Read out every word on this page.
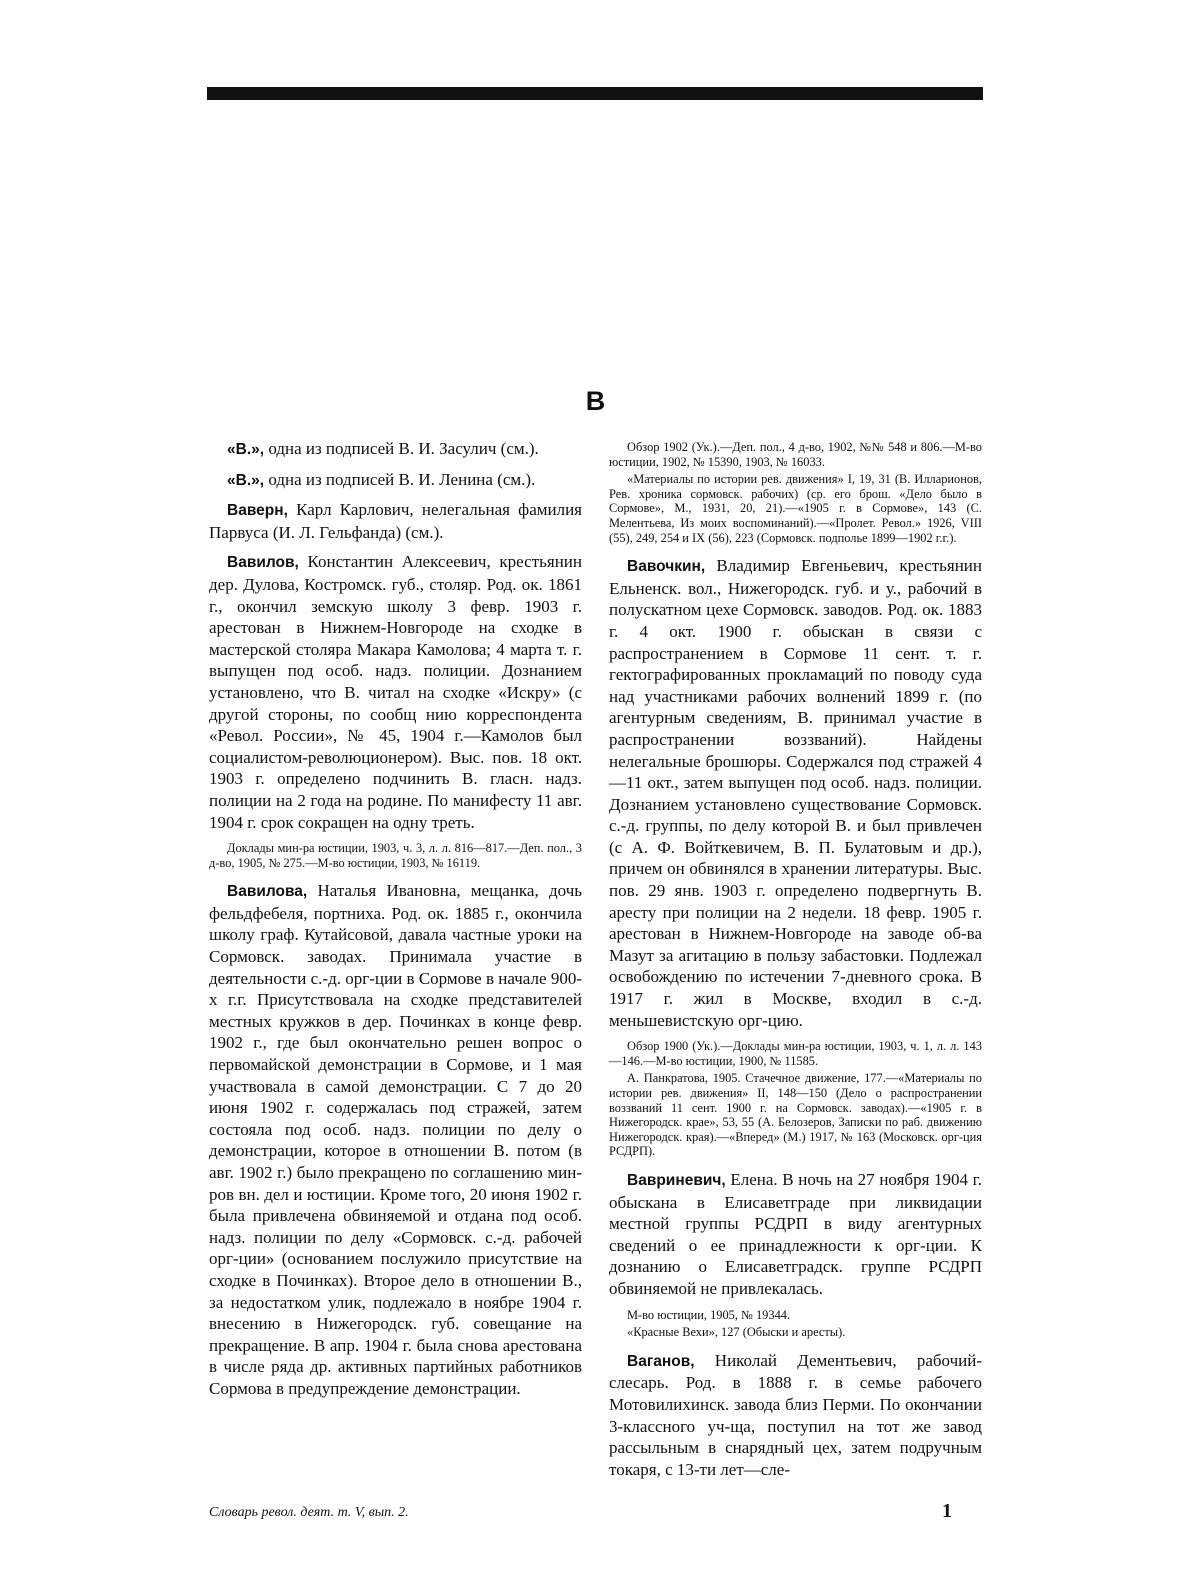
В

«В.», одна из подписей В. И. Засулич (см.).

«В.», одна из подписей В. И. Ленина (см.).

Ваверн, Карл Карлович, нелегальная фамилия Парвуса (И. Л. Гельфанда) (см.).

Вавилов, Константин Алексеевич, крестьянин дер. Дулова, Костромск. губ., столяр. Род. ок. 1861 г., окончил земскую школу 3 февр. 1903 г. арестован в Нижнем-Новгороде на сходке в мастерской столяра Макара Камолова; 4 марта т. г. выпущен под особ. надз. полиции. Дознанием установлено, что В. читал на сходке «Искру» (с другой стороны, по сообщ нию корреспондента «Револ. России», № 45, 1904 г.—Камолов был социалистом-революционером). Выс. пов. 18 окт. 1903 г. определено подчинить В. гласн. надз. полиции на 2 года на родине. По манифесту 11 авг. 1904 г. срок сокращен на одну треть.

Доклады мин-ра юстиции, 1903, ч. 3, л. л. 816—817.—Деп. пол., 3 д-во, 1905, № 275.—М-во юстиции, 1903, № 16119.

Вавилова, Наталья Ивановна, мещанка, дочь фельдфебеля, портниха. Род. ок. 1885 г., окончила школу граф. Кутайсовой, давала частные уроки на Сормовск. заводах. Принимала участие в деятельности с.-д. орг-ции в Сормове в начале 900-х г.г. Присутствовала на сходке представителей местных кружков в дер. Починках в конце февр. 1902 г., где был окончательно решен вопрос о первомайской демонстрации в Сормове, и 1 мая участвовала в самой демонстрации. С 7 до 20 июня 1902 г. содержалась под стражей, затем состояла под особ. надз. полиции по делу о демонстрации, которое в отношении В. потом (в авг. 1902 г.) было прекращено по соглашению мин-ров вн. дел и юстиции. Кроме того, 20 июня 1902 г. была привлечена обвиняемой и отдана под особ. надз. полиции по делу «Сормовск. с.-д. рабочей орг-ции» (основанием послужило присутствие на сходке в Починках). Второе дело в отношении В., за недостатком улик, подлежало в ноябре 1904 г. внесению в Нижегородск. губ. совещание на прекращение. В апр. 1904 г. была снова арестована в числе ряда др. активных партийных работников Сормова в предупреждение демонстрации.

Обзор 1902 (Ук.).—Деп. пол., 4 д-во, 1902, №№ 548 и 806.—М-во юстиции, 1902, № 15390, 1903, № 16033.

«Материалы по истории рев. движения» I, 19, 31 (В. Илларионов, Рев. хроника сормовск. рабочих) (ср. его брош. «Дело было в Сормове», М., 1931, 20, 21).—«1905 г. в Сормове», 143 (С. Мелентьева, Из моих воспоминаний).—«Пролет. Револ.» 1926, VIII (55), 249, 254 и IX (56), 223 (Сормовск. подполье 1899—1902 г.г.).

Вавочкин, Владимир Евгеньевич, крестьянин Ельненск. вол., Нижегородск. губ. и у., рабочий в полускатном цехе Сормовск. заводов. Род. ок. 1883 г. 4 окт. 1900 г. обыскан в связи с распространением в Сормове 11 сент. т. г. гектографированных прокламаций по поводу суда над участниками рабочих волнений 1899 г. (по агентурным сведениям, В. принимал участие в распространении воззваний). Найдены нелегальные брошюры. Содержался под стражей 4—11 окт., затем выпущен под особ. надз. полиции. Дознанием установлено существование Сормовск. с.-д. группы, по делу которой В. и был привлечен (с А. Ф. Войткевичем, В. П. Булатовым и др.), причем он обвинялся в хранении литературы. Выс. пов. 29 янв. 1903 г. определено подвергнуть В. аресту при полиции на 2 недели. 18 февр. 1905 г. арестован в Нижнем-Новгороде на заводе об-ва Мазут за агитацию в пользу забастовки. Подлежал освобождению по истечении 7-дневного срока. В 1917 г. жил в Москве, входил в с.-д. меньшевистскую орг-цию.

Обзор 1900 (Ук.).—Доклады мин-ра юстиции, 1903, ч. 1, л. л. 143—146.—М-во юстиции, 1900, № 11585.

А. Панкратова, 1905. Стачечное движение, 177.—«Материалы по истории рев. движения» II, 148—150 (Дело о распространении воззваний 11 сент. 1900 г. на Сормовск. заводах).—«1905 г. в Нижегородск. крае», 53, 55 (А. Белозеров, Записки по раб. движению Нижегородск. края).—«Вперед» (М.) 1917, № 163 (Московск. орг-ция РСДРП).

Вавриневич, Елена. В ночь на 27 ноября 1904 г. обыскана в Елисаветграде при ликвидации местной группы РСДРП в виду агентурных сведений о ее принадлежности к орг-ции. К дознанию о Елисаветградск. группе РСДРП обвиняемой не привлекалась.

М-во юстиции, 1905, № 19344.

«Красные Вехи», 127 (Обыски и аресты).

Ваганов, Николай Дементьевич, рабочий-слесарь. Род. в 1888 г. в семье рабочего Мотовилихинск. завода близ Перми. По окончании 3-классного уч-ща, поступил на тот же завод рассыльным в снарядный цех, затем подручным токаря, с 13-ти лет—сле-

Словарь револ. деят. т. V, вып. 2.	1
